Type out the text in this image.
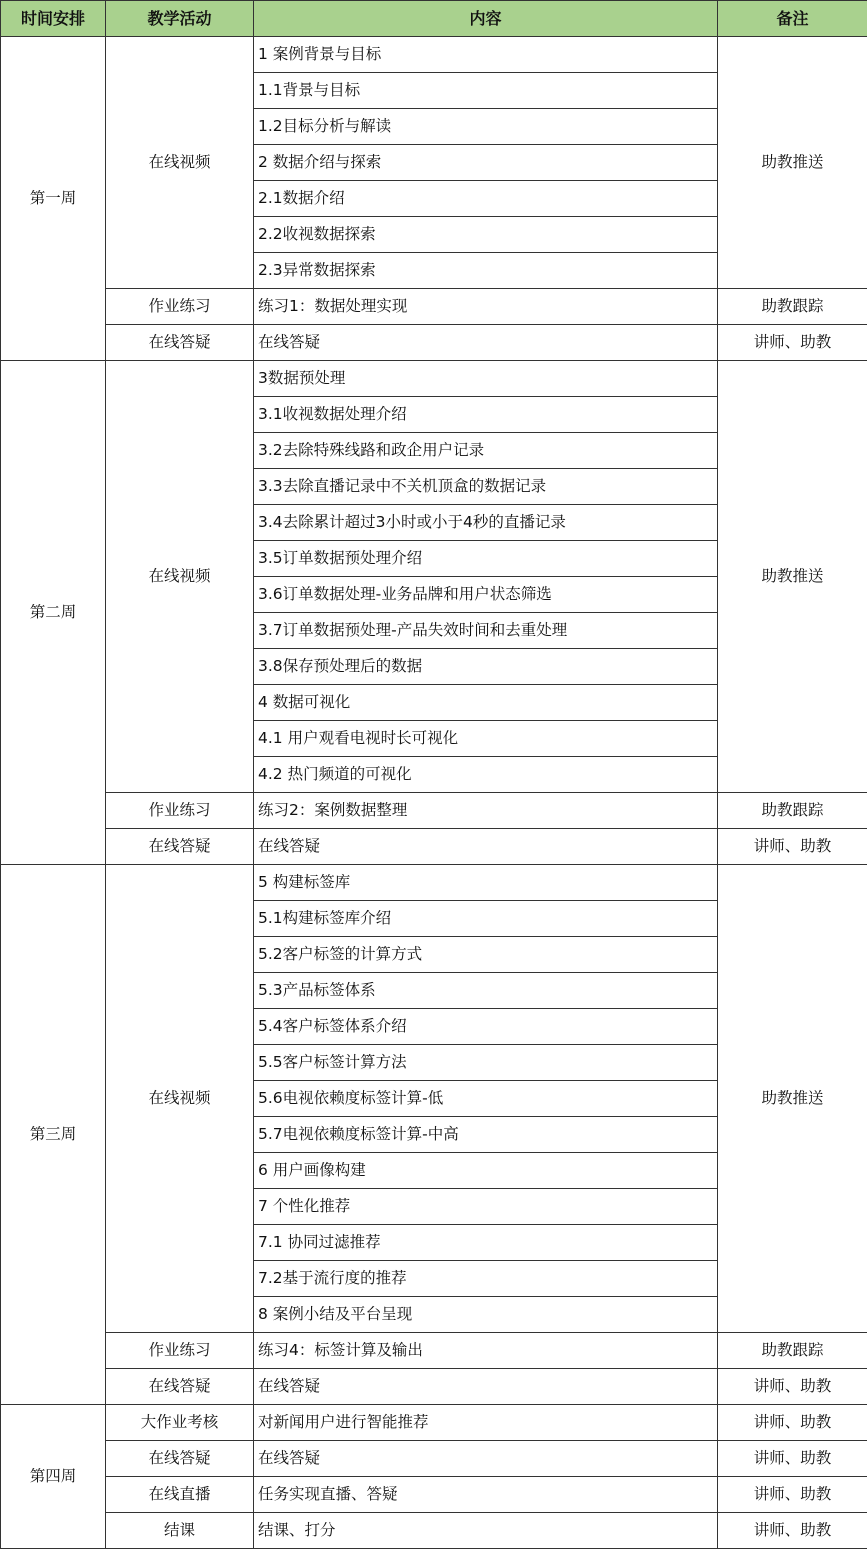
时间安排	教学活动	内容	备注
第一周	在线视频	1 案例背景与目标	助教推送
		1.1背景与目标	
		1.2目标分析与解读	
		2 数据介绍与探索	
		2.1数据介绍	
		2.2收视数据探索	
		2.3异常数据探索	
	作业练习	练习1：数据处理实现	助教跟踪
	在线答疑	在线答疑	讲师、助教
第二周	在线视频	3数据预处理	助教推送
		3.1收视数据处理介绍	
		3.2去除特殊线路和政企用户记录	
		3.3去除直播记录中不关机顶盒的数据记录	
		3.4去除累计超过3小时或小于4秒的直播记录	
		3.5订单数据预处理介绍	
		3.6订单数据处理-业务品牌和用户状态筛选	
		3.7订单数据预处理-产品失效时间和去重处理	
		3.8保存预处理后的数据	
		4 数据可视化	
		4.1 用户观看电视时长可视化	
		4.2 热门频道的可视化	
	作业练习	练习2：案例数据整理	助教跟踪
	在线答疑	在线答疑	讲师、助教
第三周	在线视频	5 构建标签库	助教推送
		5.1构建标签库介绍	
		5.2客户标签的计算方式	
		5.3产品标签体系	
		5.4客户标签体系介绍	
		5.5客户标签计算方法	
		5.6电视依赖度标签计算-低	
		5.7电视依赖度标签计算-中高	
		6 用户画像构建	
		7 个性化推荐	
		7.1 协同过滤推荐	
		7.2基于流行度的推荐	
		8 案例小结及平台呈现	
	作业练习	练习4：标签计算及输出	助教跟踪
	在线答疑	在线答疑	讲师、助教
第四周	大作业考核	对新闻用户进行智能推荐	讲师、助教
	在线答疑	在线答疑	讲师、助教
	在线直播	任务实现直播、答疑	讲师、助教
	结课	结课、打分	讲师、助教
